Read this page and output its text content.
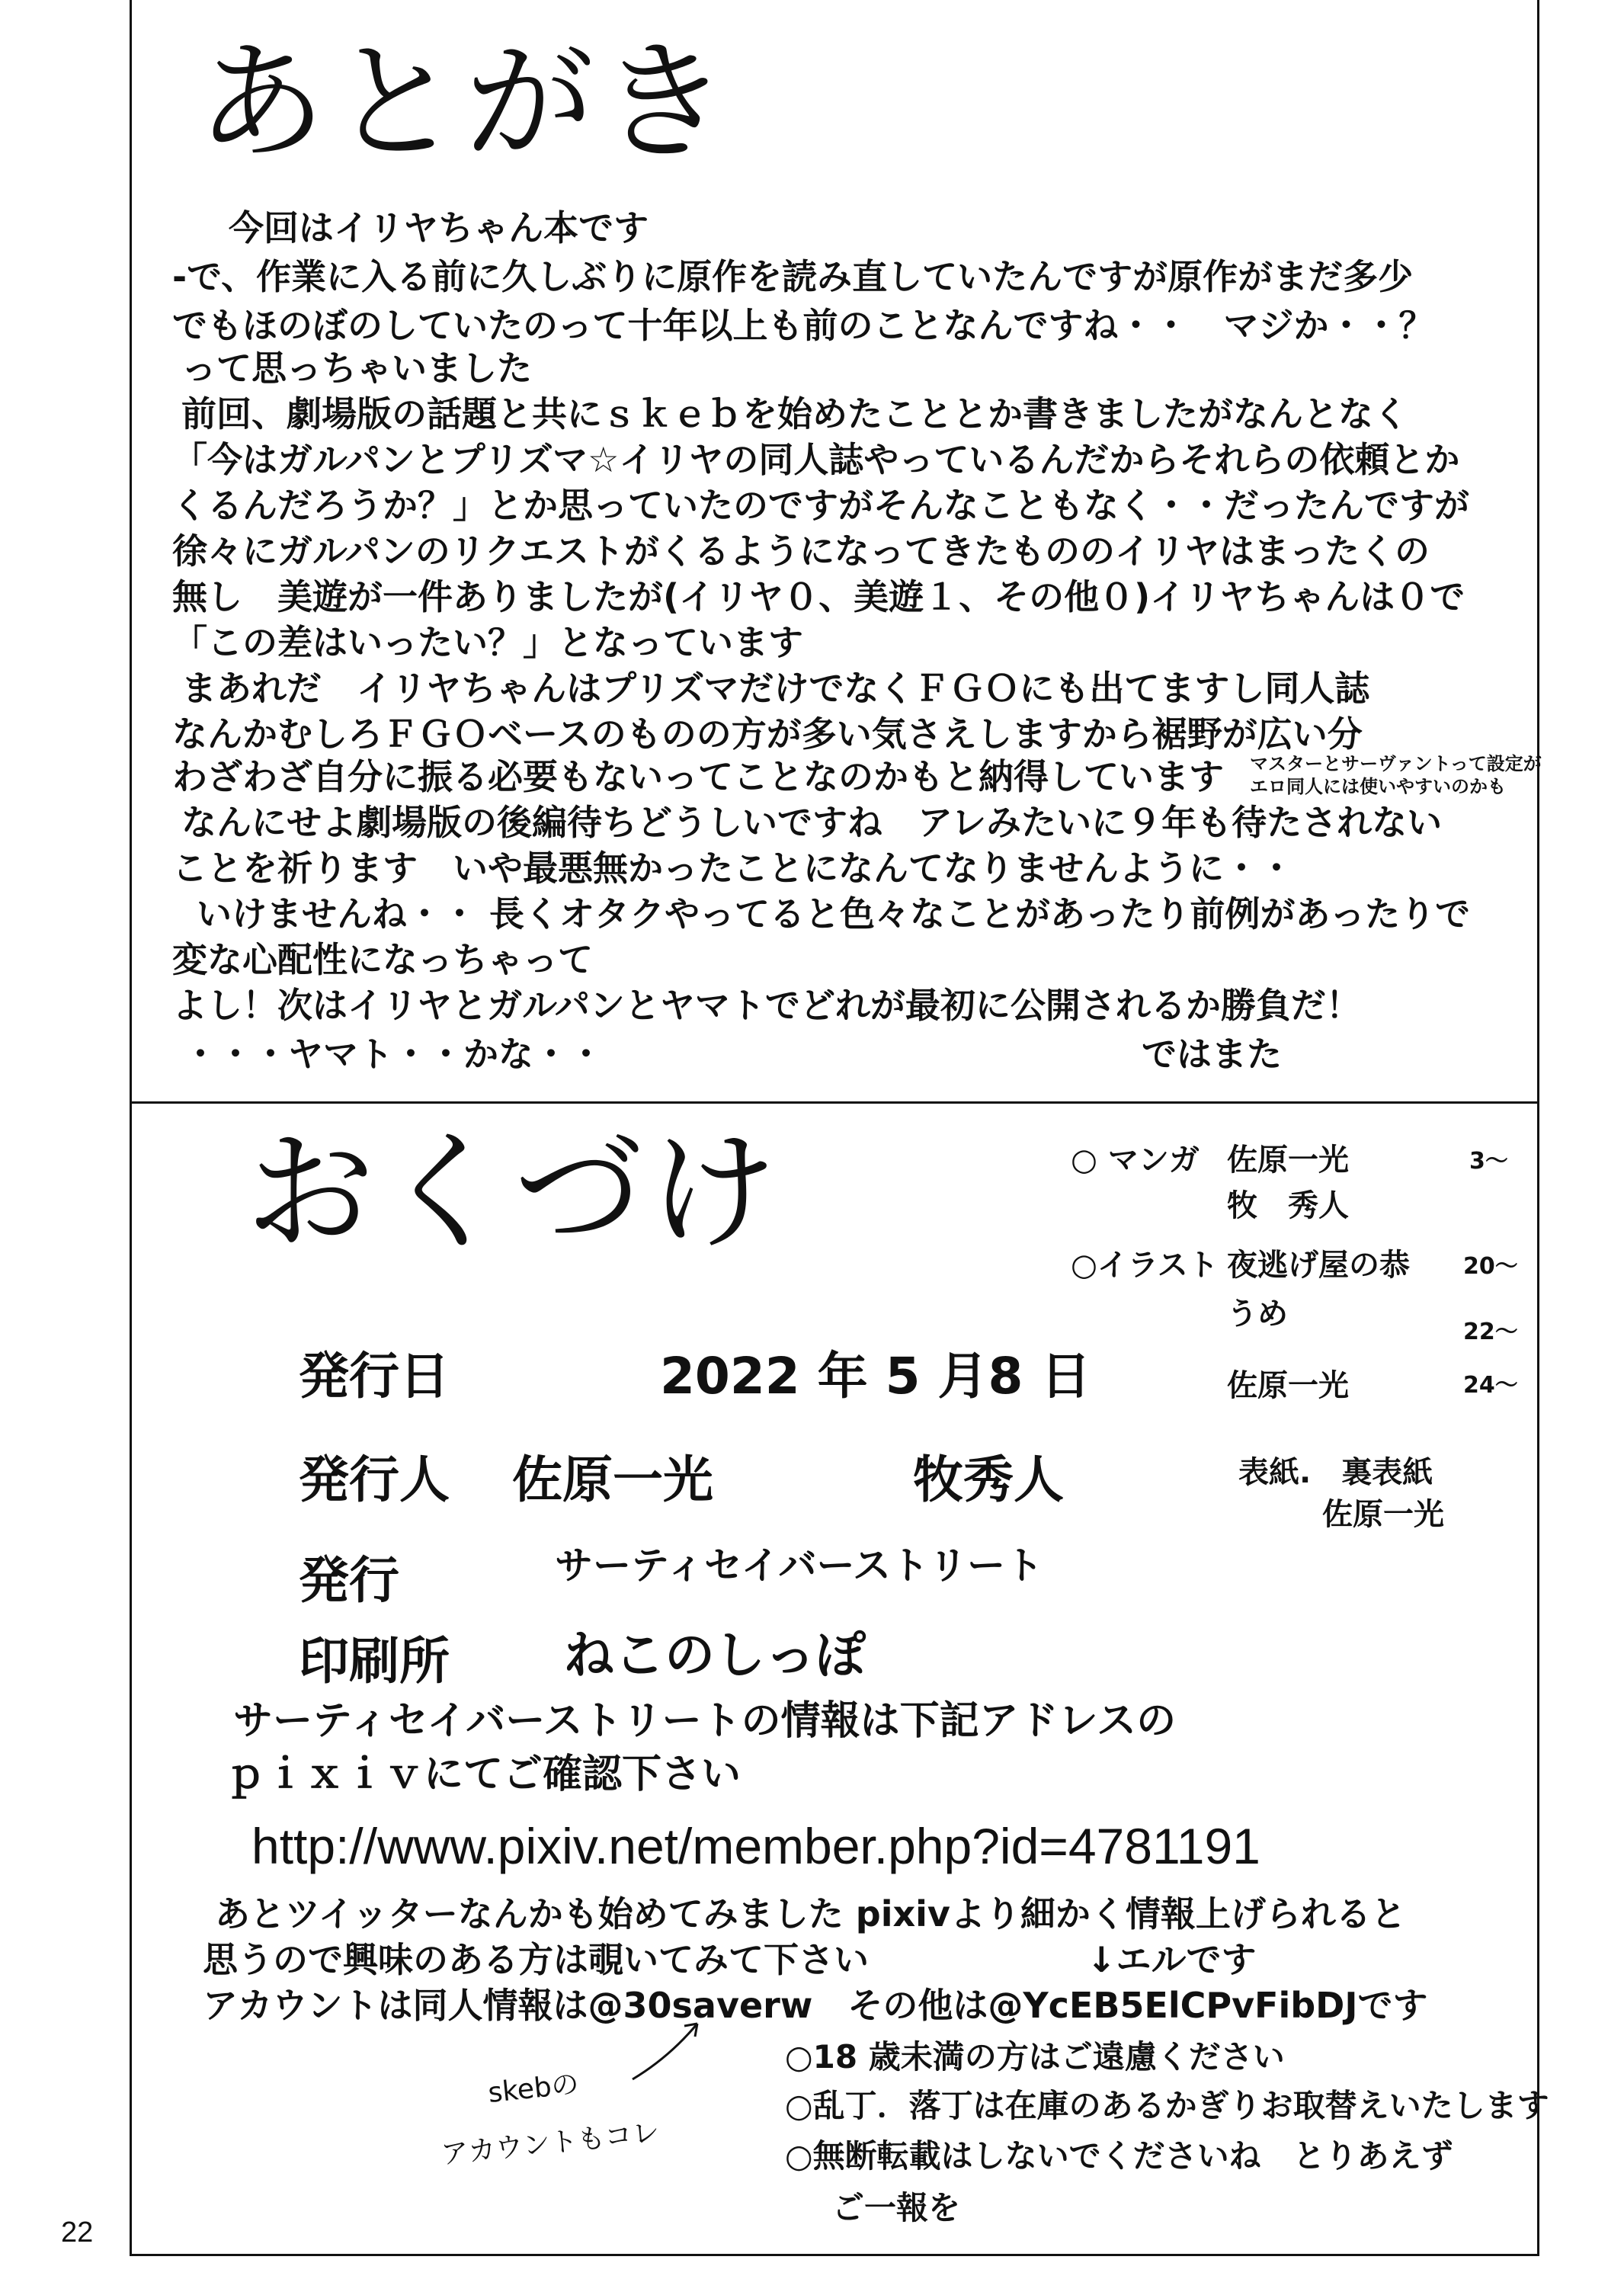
あとがき
今回はイリヤちゃん本です
-で、作業に入る前に久しぶりに原作を読み直していたんですが原作がまだ多少
でもほのぼのしていたのって十年以上も前のことなんですね・・　マジか・・？
って思っちゃいました
前回、劇場版の話題と共にｓｋｅｂを始めたこととか書きましたがなんとなく
「今はガルパンとプリズマ☆イリヤの同人誌やっているんだからそれらの依頼とか
くるんだろうか？」とか思っていたのですがそんなこともなく・・だったんですが
徐々にガルパンのリクエストがくるようになってきたもののイリヤはまったくの
無し　美遊が一件ありましたが(イリヤ０、美遊１、その他０)イリヤちゃんは０で
「この差はいったい？」となっています
まあれだ　イリヤちゃんはプリズマだけでなくＦＧＯにも出てますし同人誌
なんかむしろＦＧＯベースのものの方が多い気さえしますから裾野が広い分
わざわざ自分に振る必要もないってことなのかもと納得しています マスターとサーヴァントって設定が
エロ同人には使いやすいのかも
なんにせよ劇場版の後編待ちどうしいですね　アレみたいに９年も待たされない
ことを祈ります　いや最悪無かったことになんてなりませんように・・
いけませんね・・ 長くオタクやってると色々なことがあったり前例があったりで
変な心配性になっちゃって
よし！次はイリヤとガルパンとヤマトでどれが最初に公開されるか勝負だ！
・・・ヤマト・・かな・・	ではまた
おくづけ	○ マンガ 佐原一光	3～
牧　秀人
○イラスト 夜逃げ屋の恭 20～
うめ
22～
佐原一光	24～
表紙.　裏表紙
佐原一光
発行日	2022 年 5 月8 日
発行人 佐原一光	牧秀人
発行	サーティセイバーストリート
印刷所 ねこのしっぽ
サーティセイバーストリートの情報は下記アドレスの
ｐｉｘｉｖにてご確認下さい
http://www.pixiv.net/member.php?id=4781191
あとツイッターなんかも始めてみました pixivより細かく情報上げられると
思うので興味のある方は覗いてみて下さい	↓エルです
アカウントは同人情報は@30saverw　その他は@YcEB5ElCPvFibDJです
○18 歳未満の方はご遠慮ください
○乱丁．落丁は在庫のあるかぎりお取替えいたします
○無断転載はしないでくださいね　とりあえず
ご一報を
skebの
アカウントもコレ
22
